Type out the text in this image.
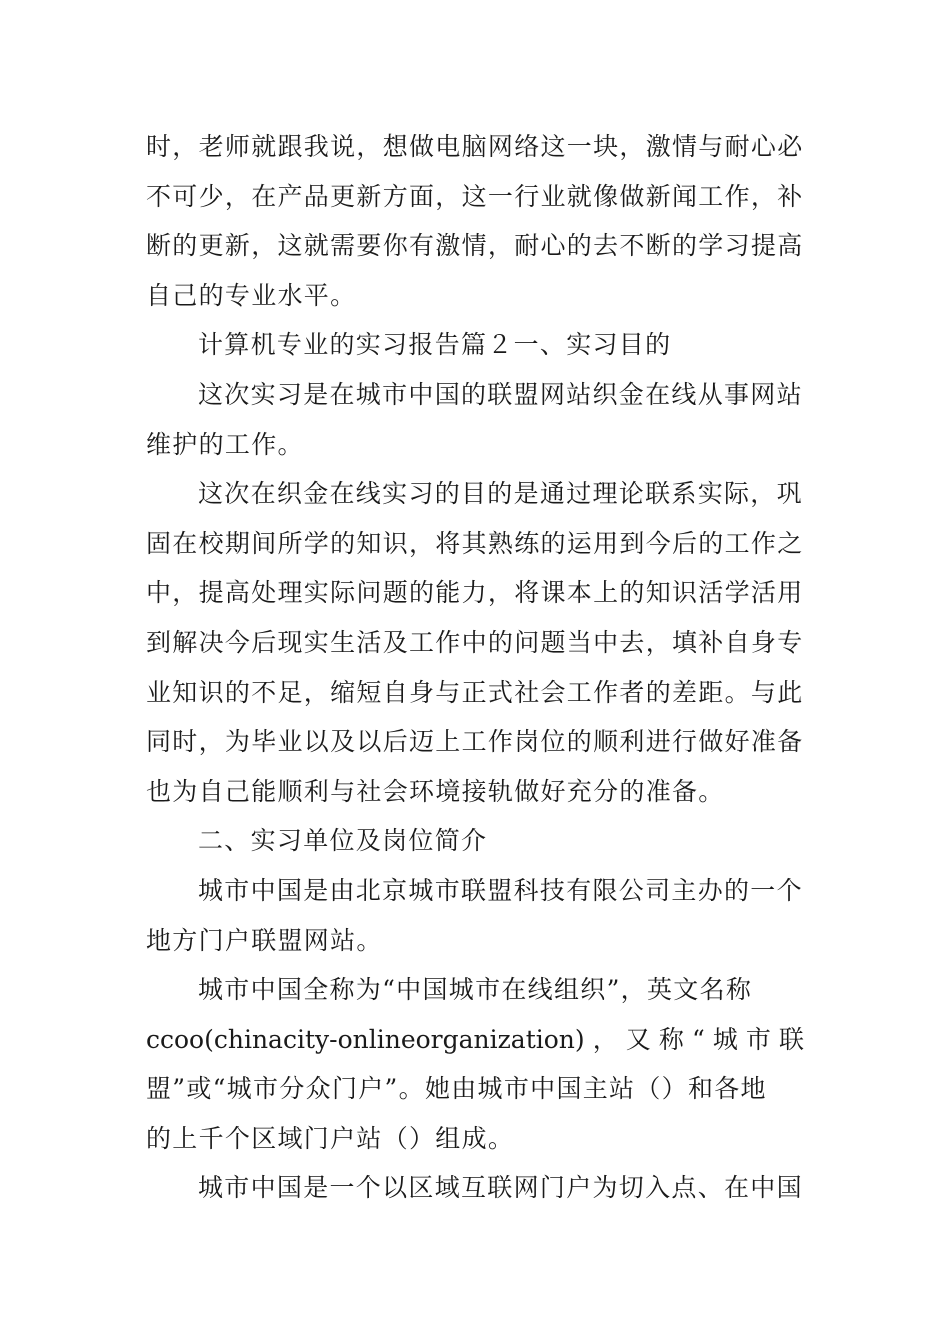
时，老师就跟我说，想做电脑网络这一块，激情与耐心必
不可少，在产品更新方面，这一行业就像做新闻工作，补
断的更新，这就需要你有激情，耐心的去不断的学习提高
自己的专业水平。
计算机专业的实习报告篇２一、实习目的
这次实习是在城市中国的联盟网站织金在线从事网站
维护的工作。
这次在织金在线实习的目的是通过理论联系实际，巩
固在校期间所学的知识，将其熟练的运用到今后的工作之
中，提高处理实际问题的能力，将课本上的知识活学活用
到解决今后现实生活及工作中的问题当中去，填补自身专
业知识的不足，缩短自身与正式社会工作者的差距。与此
同时，为毕业以及以后迈上工作岗位的顺利进行做好准备
也为自己能顺利与社会环境接轨做好充分的准备。
二、实习单位及岗位简介
城市中国是由北京城市联盟科技有限公司主办的一个
地方门户联盟网站。
城市中国全称为“中国城市在线组织”，英文名称
ccoo(chinacity-onlineorganization)，又称“城市联
盟”或“城市分众门户”。她由城市中国主站（）和各地
的上千个区域门户站（）组成。
城市中国是一个以区域互联网门户为切入点、在中国
